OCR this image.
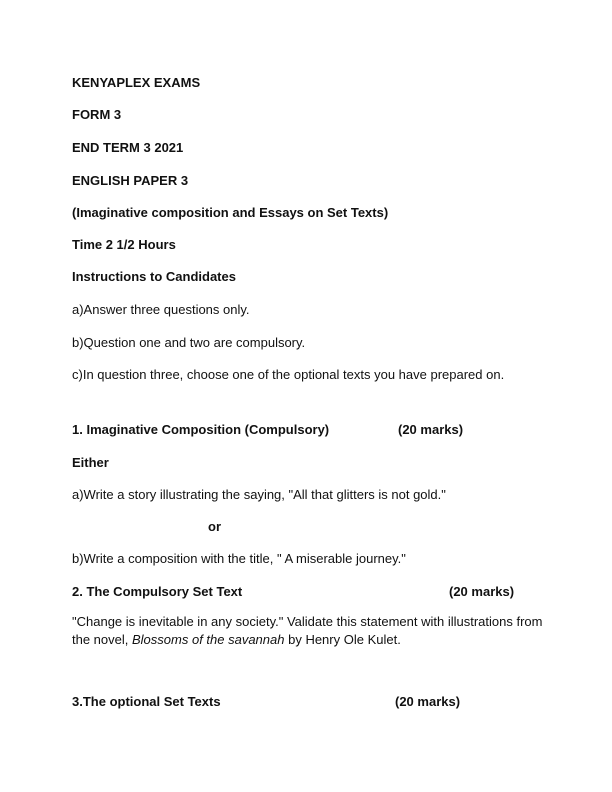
KENYAPLEX EXAMS
FORM 3
END TERM 3 2021
ENGLISH PAPER 3
(Imaginative composition and Essays on Set Texts)
Time 2 1/2 Hours
Instructions to Candidates
a)Answer three questions only.
b)Question one and two are compulsory.
c)In question three, choose one of the optional texts you have prepared on.
1. Imaginative Composition (Compulsory)	(20 marks)
Either
a)Write a story illustrating the saying, "All that glitters is not gold."
or
b)Write a composition with the title, " A miserable journey."
2. The Compulsory Set Text	(20 marks)
"Change is inevitable in any society." Validate this statement with illustrations from the novel, Blossoms of the savannah by Henry Ole Kulet.
3.The optional Set Texts	(20 marks)
